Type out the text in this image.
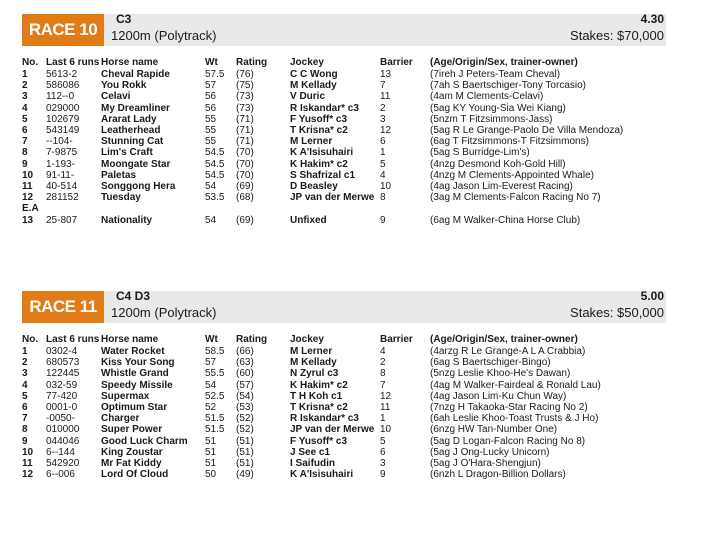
RACE 10
C3
1200m (Polytrack)
4.30
Stakes: $70,000
No.	Last 6 runs	Horse name	Wt	Rating	Jockey	Barrier	(Age/Origin/Sex, trainer-owner)
1	5613-2	Cheval Rapide	57.5	(76)	C C Wong	13	(7ireh J Peters-Team Cheval)
2	586086	You Rokk	57	(75)	M Kellady	7	(7ah S Baertschiger-Tony Torcasio)
3	112--0	Celavi	56	(73)	V Duric	11	(4am M Clements-Celavi)
4	029000	My Dreamliner	56	(73)	R Iskandar* c3	2	(5ag KY Young-Sia Wei Kiang)
5	102679	Ararat Lady	55	(71)	F Yusoff* c3	3	(5nzm T Fitzsimmons-Jass)
6	543149	Leatherhead	55	(71)	T Krisna* c2	12	(5ag R Le Grange-Paolo De Villa Mendoza)
7	--104-	Stunning Cat	55	(71)	M Lerner	6	(6ag T Fitzsimmons-T Fitzsimmons)
8	7-9875	Lim's Craft	54.5	(70)	K A'Isisuhairi	1	(5ag S Burridge-Lim's)
9	1-193-	Moongate Star	54.5	(70)	K Hakim* c2	5	(4nzg Desmond Koh-Gold Hill)
10	91-11-	Paletas	54.5	(70)	S Shafrizal c1	4	(4nzg M Clements-Appointed Whale)
11	40-514	Songgong Hera	54	(69)	D Beasley	10	(4ag Jason Lim-Everest Racing)
12	281152	Tuesday	53.5	(68)	JP van der Merwe	8	(3ag M Clements-Falcon Racing No 7)
E.A							
13	25-807	Nationality	54	(69)	Unfixed	9	(6ag M Walker-China Horse Club)
RACE 11
C4 D3
1200m (Polytrack)
5.00
Stakes: $50,000
No.	Last 6 runs	Horse name	Wt	Rating	Jockey	Barrier	(Age/Origin/Sex, trainer-owner)
1	0302-4	Water Rocket	58.5	(66)	M Lerner	4	(4arzg R Le Grange-A L A Crabbia)
2	680573	Kiss Your Song	57	(63)	M Kellady	2	(6ag S Baertschiger-Bingo)
3	122445	Whistle Grand	55.5	(60)	N Zyrul c3	8	(5nzg Leslie Khoo-He's Dawan)
4	032-59	Speedy Missile	54	(57)	K Hakim* c2	7	(4ag M Walker-Fairdeal & Ronald Lau)
5	77-420	Supermax	52.5	(54)	T H Koh c1	12	(4ag Jason Lim-Ku Chun Way)
6	0001-0	Optimum Star	52	(53)	T Krisna* c2	11	(7nzg H Takaoka-Star Racing No 2)
7	-0050-	Charger	51.5	(52)	R Iskandar* c3	1	(6ah Leslie Khoo-Toast Trusts & J Ho)
8	010000	Super Power	51.5	(52)	JP van der Merwe	10	(6nzg HW Tan-Number One)
9	044046	Good Luck Charm	51	(51)	F Yusoff* c3	5	(5ag D Logan-Falcon Racing No 8)
10	6--144	King Zoustar	51	(51)	J See c1	6	(5ag J Ong-Lucky Unicorn)
11	542920	Mr Fat Kiddy	51	(51)	I Saifudin	3	(5ag J O'Hara-Shengjun)
12	6--006	Lord Of Cloud	50	(49)	K A'Isisuhairi	9	(6nzh L Dragon-Billion Dollars)
